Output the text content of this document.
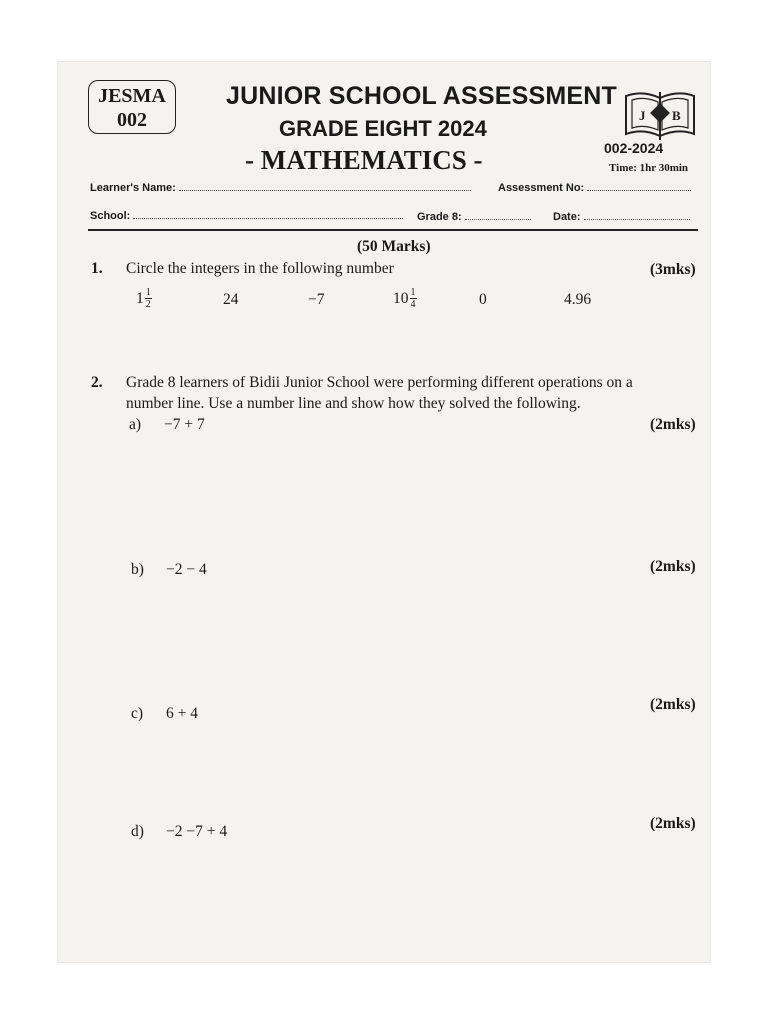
JESMA
002
JUNIOR SCHOOL ASSESSMENT
GRADE EIGHT 2024
- MATHEMATICS -
J B
002-2024
Time: 1hr 30min
Learner's Name:	Assessment No:
School:	Grade 8:	Date:
(50 Marks)
1. Circle the integers in the following number	(3mks)
$1 \frac{1}{2}$	24	−7	$10 \frac{1}{4}$	0	4.96
2. Grade 8 learners of Bidii Junior School were performing different operations on a
number line. Use a number line and show how they solved the following.
a) −7 + 7	(2mks)
b) −2 − 4	(2mks)
c) 6 + 4
(2mks)
d) −2 −7 + 4	(2mks)
